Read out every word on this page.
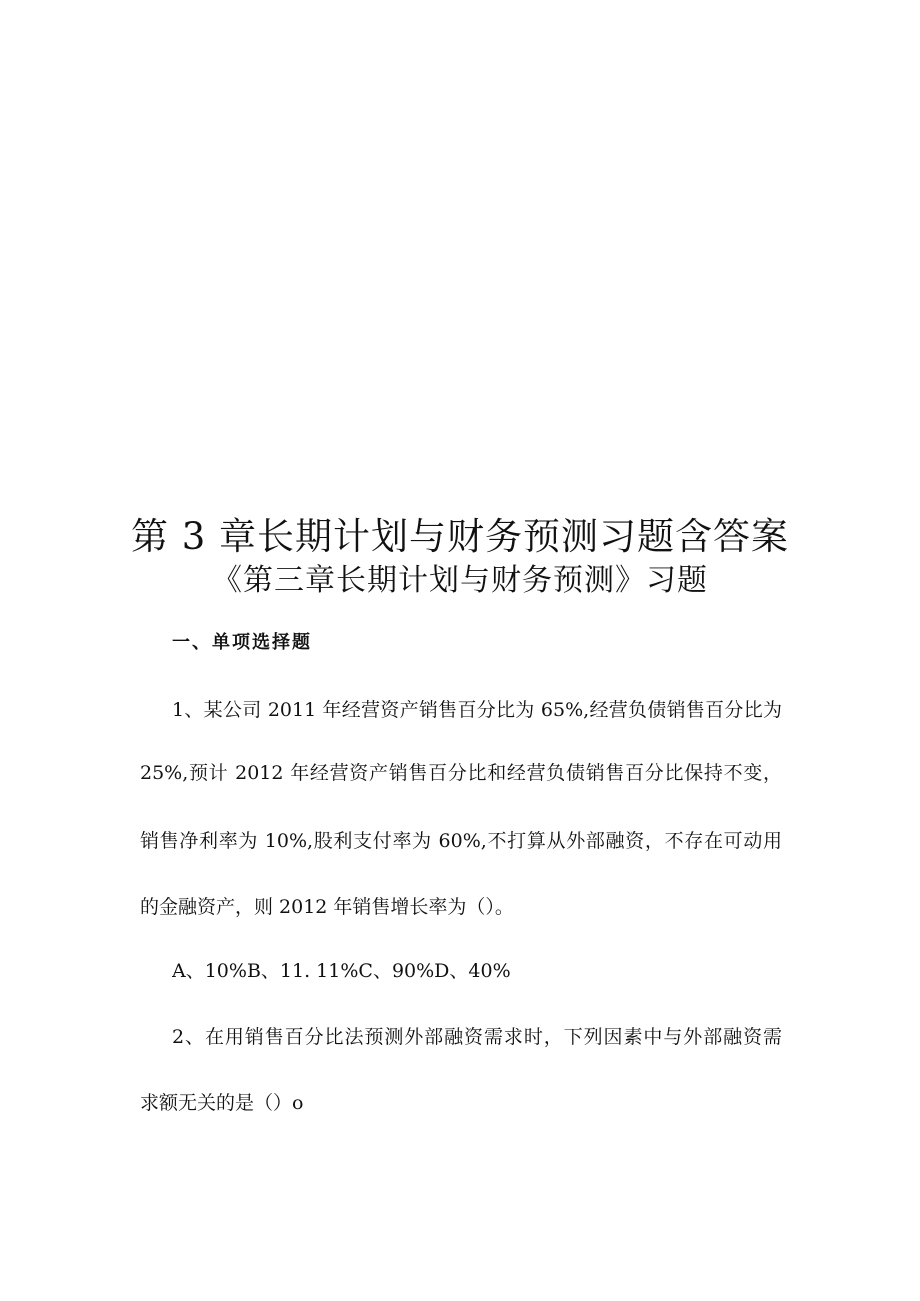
第 3 章长期计划与财务预测习题含答案
《第三章长期计划与财务预测》习题
一、单项选择题
1、某公司 2011 年经营资产销售百分比为 65%,经营负债销售百分比为
25%,预计 2012 年经营资产销售百分比和经营负债销售百分比保持不变，
销售净利率为 10%,股利支付率为 60%,不打算从外部融资，不存在可动用
的金融资产，则 2012 年销售增长率为（）。
A、10%B、11. 11%C、90%D、40%
2、在用销售百分比法预测外部融资需求时，下列因素中与外部融资需
求额无关的是（）o
